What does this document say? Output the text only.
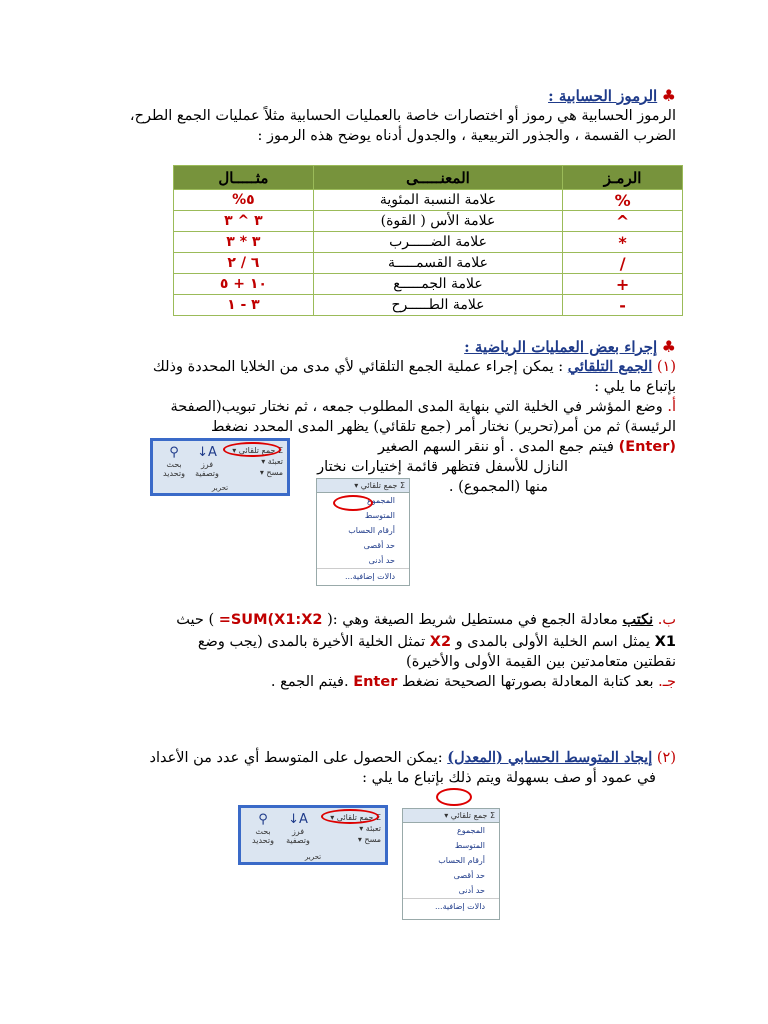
♣ الرموز الحسابية :
الرموز الحسابية هي رموز أو اختصارات خاصة بالعمليات الحسابية مثلاً عمليات الجمع الطرح،
الضرب القسمة ، والجذور التربيعية ، والجدول أدناه يوضح هذه الرموز :
الرمـز	المعنـــــى	مثـــــال
%	علامة النسبة المئوية	٥%
^	علامة الأس ( القوة)	٣ ^ ٣
*	علامة الضـــــرب	٣ * ٣
/	علامة القسمـــــة	٦ / ٢
+	علامة الجمـــــع	١٠ + ٥
-	علامة الطـــــرح	٣ - ١
♣ إجراء بعض العمليات الرياضية :
(١) الجمع التلقائي : يمكن إجراء عملية الجمع التلقائي لأي مدى من الخلايا المحددة وذلك
بإتباع ما يلي :
أ. وضع المؤشر في الخلية التي بنهاية المدى المطلوب جمعه ، ثم نختار تبويب(الصفحة
الرئيسة) ثم من أمر(تحرير) نختار أمر (جمع تلقائي) يظهر المدى المحدد نضغط
(Enter) فيتم جمع المدى . أو ننقر السهم الصغير
النازل للأسفل فتظهر قائمة إختيارات نختار
منها (المجموع) .
Σ جمع تلقائي ▾
تعبئة ▾
مسح ▾
A↓
فرز وتصفية
⚲
بحث وتحديد
تحرير	Σ جمع تلقائي ▾
المجموع
المتوسط
أرقام الحساب
حد أقصى
حد أدنى
دالات إضافية...
ب. نكتب معادلة الجمع في مستطيل شريط الصيغة وهي :( =SUM(X1:X2 ) حيث
X1 يمثل اسم الخلية الأولى بالمدى و X2 تمثل الخلية الأخيرة بالمدى (يجب وضع
نقطتين متعامدتين بين القيمة الأولى والأخيرة)
جـ. بعد كتابة المعادلة بصورتها الصحيحة نضغط Enter .فيتم الجمع .
(٢) إيجاد المتوسط الحسابي (المعدل) :يمكن الحصول على المتوسط أي عدد من الأعداد
في عمود أو صف بسهولة ويتم ذلك بإتباع ما يلي :
Σ جمع تلقائي ▾
تعبئة ▾
مسح ▾
A↓
فرز وتصفية
⚲
بحث وتحديد
تحرير
Σ جمع تلقائي ▾
المجموع
المتوسط
أرقام الحساب
حد أقصى
حد أدنى
دالات إضافية...
